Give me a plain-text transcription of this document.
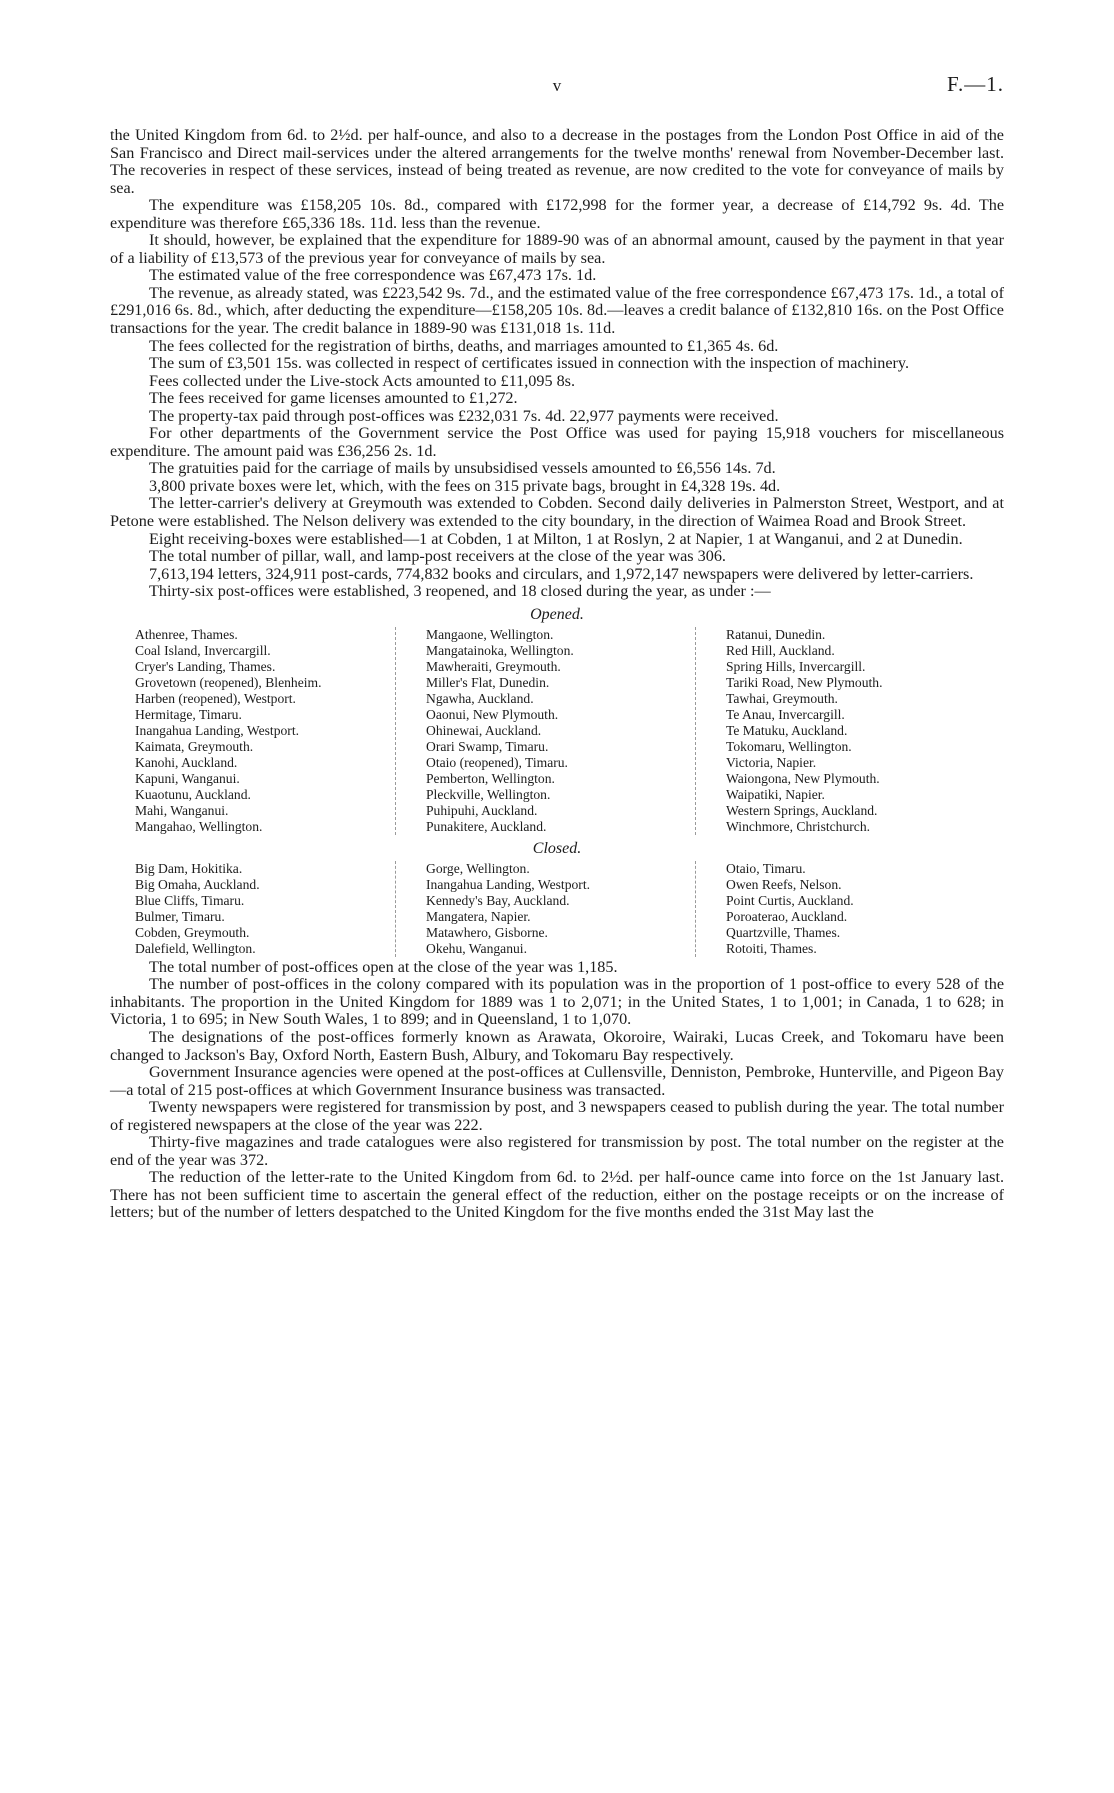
v	F.—1.

the United Kingdom from 6d. to 2½d. per half-ounce, and also to a decrease in the postages from the London Post Office in aid of the San Francisco and Direct mail-services under the altered arrangements for the twelve months' renewal from November-December last. The recoveries in respect of these services, instead of being treated as revenue, are now credited to the vote for conveyance of mails by sea.

The expenditure was £158,205 10s. 8d., compared with £172,998 for the former year, a decrease of £14,792 9s. 4d. The expenditure was therefore £65,336 18s. 11d. less than the revenue.

It should, however, be explained that the expenditure for 1889-90 was of an abnormal amount, caused by the payment in that year of a liability of £13,573 of the previous year for conveyance of mails by sea.

The estimated value of the free correspondence was £67,473 17s. 1d.

The revenue, as already stated, was £223,542 9s. 7d., and the estimated value of the free correspondence £67,473 17s. 1d., a total of £291,016 6s. 8d., which, after deducting the expenditure—£158,205 10s. 8d.—leaves a credit balance of £132,810 16s. on the Post Office transactions for the year. The credit balance in 1889-90 was £131,018 1s. 11d.

The fees collected for the registration of births, deaths, and marriages amounted to £1,365 4s. 6d.

The sum of £3,501 15s. was collected in respect of certificates issued in connection with the inspection of machinery.

Fees collected under the Live-stock Acts amounted to £11,095 8s.

The fees received for game licenses amounted to £1,272.

The property-tax paid through post-offices was £232,031 7s. 4d. 22,977 payments were received.

For other departments of the Government service the Post Office was used for paying 15,918 vouchers for miscellaneous expenditure. The amount paid was £36,256 2s. 1d.

The gratuities paid for the carriage of mails by unsubsidised vessels amounted to £6,556 14s. 7d.

3,800 private boxes were let, which, with the fees on 315 private bags, brought in £4,328 19s. 4d.

The letter-carrier's delivery at Greymouth was extended to Cobden. Second daily deliveries in Palmerston Street, Westport, and at Petone were established. The Nelson delivery was extended to the city boundary, in the direction of Waimea Road and Brook Street.

Eight receiving-boxes were established—1 at Cobden, 1 at Milton, 1 at Roslyn, 2 at Napier, 1 at Wanganui, and 2 at Dunedin.

The total number of pillar, wall, and lamp-post receivers at the close of the year was 306.

7,613,194 letters, 324,911 post-cards, 774,832 books and circulars, and 1,972,147 newspapers were delivered by letter-carriers.

Thirty-six post-offices were established, 3 reopened, and 18 closed during the year, as under :—

Opened.
Athenree, Thames.
Coal Island, Invercargill.
Cryer's Landing, Thames.
Grovetown (reopened), Blenheim.
Harben (reopened), Westport.
Hermitage, Timaru.
Inangahua Landing, Westport.
Kaimata, Greymouth.
Kanohi, Auckland.
Kapuni, Wanganui.
Kuaotunu, Auckland.
Mahi, Wanganui.
Mangahao, Wellington.
Mangaone, Wellington.
Mangatainoka, Wellington.
Mawheraiti, Greymouth.
Miller's Flat, Dunedin.
Ngawha, Auckland.
Oaonui, New Plymouth.
Ohinewai, Auckland.
Orari Swamp, Timaru.
Otaio (reopened), Timaru.
Pemberton, Wellington.
Pleckville, Wellington.
Puhipuhi, Auckland.
Punakitere, Auckland.
Ratanui, Dunedin.
Red Hill, Auckland.
Spring Hills, Invercargill.
Tariki Road, New Plymouth.
Tawhai, Greymouth.
Te Anau, Invercargill.
Te Matuku, Auckland.
Tokomaru, Wellington.
Victoria, Napier.
Waiongona, New Plymouth.
Waipatiki, Napier.
Western Springs, Auckland.
Winchmore, Christchurch.
Closed.
Big Dam, Hokitika.
Big Omaha, Auckland.
Blue Cliffs, Timaru.
Bulmer, Timaru.
Cobden, Greymouth.
Dalefield, Wellington.
Gorge, Wellington.
Inangahua Landing, Westport.
Kennedy's Bay, Auckland.
Mangatera, Napier.
Matawhero, Gisborne.
Okehu, Wanganui.
Otaio, Timaru.
Owen Reefs, Nelson.
Point Curtis, Auckland.
Poroaterao, Auckland.
Quartzville, Thames.
Rotoiti, Thames.

The total number of post-offices open at the close of the year was 1,185.

The number of post-offices in the colony compared with its population was in the proportion of 1 post-office to every 528 of the inhabitants. The proportion in the United Kingdom for 1889 was 1 to 2,071; in the United States, 1 to 1,001; in Canada, 1 to 628; in Victoria, 1 to 695; in New South Wales, 1 to 899; and in Queensland, 1 to 1,070.

The designations of the post-offices formerly known as Arawata, Okoroire, Wairaki, Lucas Creek, and Tokomaru have been changed to Jackson's Bay, Oxford North, Eastern Bush, Albury, and Tokomaru Bay respectively.

Government Insurance agencies were opened at the post-offices at Cullensville, Denniston, Pembroke, Hunterville, and Pigeon Bay—a total of 215 post-offices at which Government Insurance business was transacted.

Twenty newspapers were registered for transmission by post, and 3 newspapers ceased to publish during the year. The total number of registered newspapers at the close of the year was 222.

Thirty-five magazines and trade catalogues were also registered for transmission by post. The total number on the register at the end of the year was 372.

The reduction of the letter-rate to the United Kingdom from 6d. to 2½d. per half-ounce came into force on the 1st January last. There has not been sufficient time to ascertain the general effect of the reduction, either on the postage receipts or on the increase of letters; but of the number of letters despatched to the United Kingdom for the five months ended the 31st May last the
